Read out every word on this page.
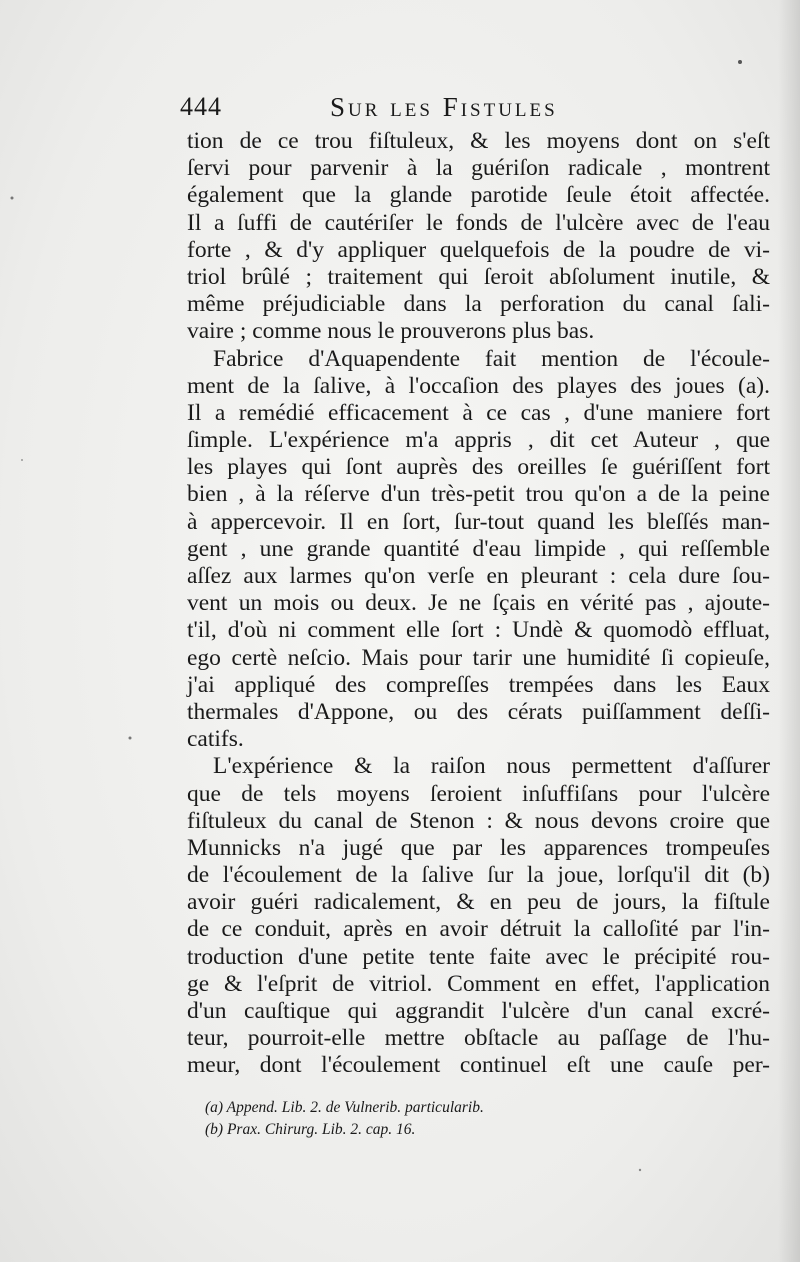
444	Sur les Fistules
tion de ce trou fiſtuleux, & les moyens dont on s'eſt
ſervi pour parvenir à la guériſon radicale , montrent
également que la glande parotide ſeule étoit affectée.
Il a ſuffi de cautériſer le fonds de l'ulcère avec de l'eau
forte , & d'y appliquer quelquefois de la poudre de vi-
triol brûlé ; traitement qui ſeroit abſolument inutile, &
même préjudiciable dans la perforation du canal ſali-
vaire ; comme nous le prouverons plus bas.
Fabrice d'Aquapendente fait mention de l'écoule-
ment de la ſalive, à l'occaſion des playes des joues (a).
Il a remédié efficacement à ce cas , d'une maniere fort
ſimple. L'expérience m'a appris , dit cet Auteur , que
les playes qui ſont auprès des oreilles ſe guériſſent fort
bien , à la réſerve d'un très-petit trou qu'on a de la peine
à appercevoir. Il en ſort, ſur-tout quand les bleſſés man-
gent , une grande quantité d'eau limpide , qui reſſemble
aſſez aux larmes qu'on verſe en pleurant : cela dure ſou-
vent un mois ou deux. Je ne ſçais en vérité pas , ajoute-
t'il, d'où ni comment elle ſort : Undè & quomodò effluat,
ego certè neſcio. Mais pour tarir une humidité ſi copieuſe,
j'ai appliqué des compreſſes trempées dans les Eaux
thermales d'Appone, ou des cérats puiſſamment deſſi-
catifs.
L'expérience & la raiſon nous permettent d'aſſurer
que de tels moyens ſeroient inſuffiſans pour l'ulcère
fiſtuleux du canal de Stenon : & nous devons croire que
Munnicks n'a jugé que par les apparences trompeuſes
de l'écoulement de la ſalive ſur la joue, lorſqu'il dit (b)
avoir guéri radicalement, & en peu de jours, la fiſtule
de ce conduit, après en avoir détruit la calloſité par l'in-
troduction d'une petite tente faite avec le précipité rou-
ge & l'eſprit de vitriol. Comment en effet, l'application
d'un cauſtique qui aggrandit l'ulcère d'un canal excré-
teur, pourroit-elle mettre obſtacle au paſſage de l'hu-
meur, dont l'écoulement continuel eſt une cauſe per-
(a) Append. Lib. 2. de Vulnerib. particularib.
(b) Prax. Chirurg. Lib. 2. cap. 16.
